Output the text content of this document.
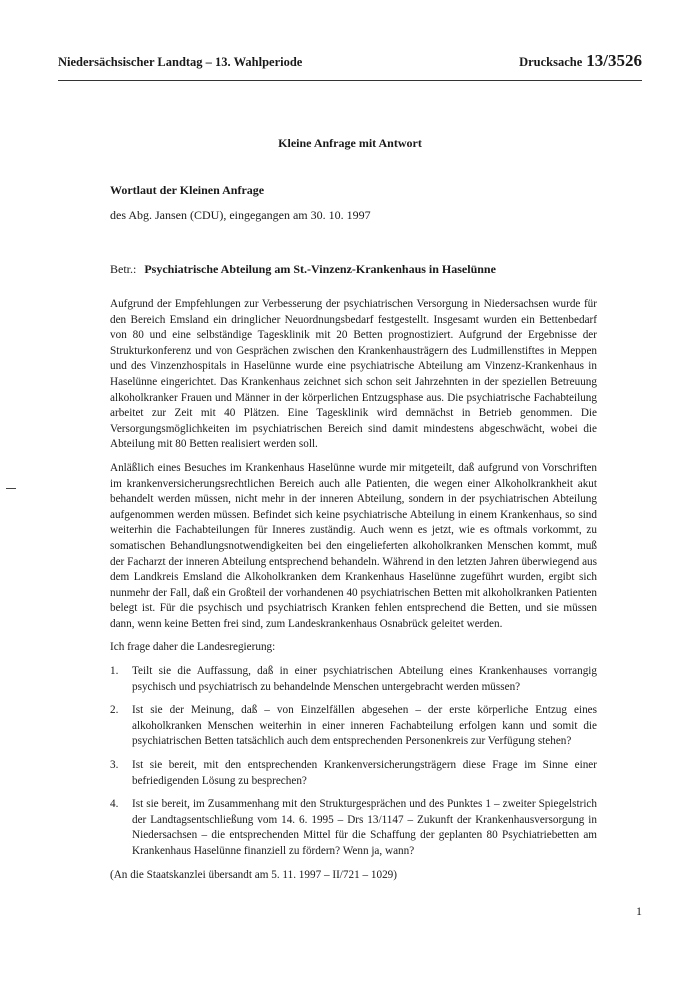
Niedersächsischer Landtag – 13. Wahlperiode	Drucksache 13/3526
Kleine Anfrage mit Antwort
Wortlaut der Kleinen Anfrage
des Abg. Jansen (CDU), eingegangen am 30. 10. 1997
Betr.: Psychiatrische Abteilung am St.-Vinzenz-Krankenhaus in Haselünne

Aufgrund der Empfehlungen zur Verbesserung der psychiatrischen Versorgung in Niedersachsen wurde für den Bereich Emsland ein dringlicher Neuordnungsbedarf festgestellt. Insgesamt wurden ein Bettenbedarf von 80 und eine selbständige Tagesklinik mit 20 Betten prognostiziert. Aufgrund der Ergebnisse der Strukturkonferenz und von Gesprächen zwischen den Krankenhausträgern des Ludmillenstiftes in Meppen und des Vinzenzhospitals in Haselünne wurde eine psychiatrische Abteilung am Vinzenz-Krankenhaus in Haselünne eingerichtet. Das Krankenhaus zeichnet sich schon seit Jahrzehnten in der speziellen Betreuung alkoholkranker Frauen und Männer in der körperlichen Entzugsphase aus. Die psychiatrische Fachabteilung arbeitet zur Zeit mit 40 Plätzen. Eine Tagesklinik wird demnächst in Betrieb genommen. Die Versorgungsmöglichkeiten im psychiatrischen Bereich sind damit mindestens abgeschwächt, wobei die Abteilung mit 80 Betten realisiert werden soll.

Anläßlich eines Besuches im Krankenhaus Haselünne wurde mir mitgeteilt, daß aufgrund von Vorschriften im krankenversicherungsrechtlichen Bereich auch alle Patienten, die wegen einer Alkoholkrankheit akut behandelt werden müssen, nicht mehr in der inneren Abteilung, sondern in der psychiatrischen Abteilung aufgenommen werden müssen. Befindet sich keine psychiatrische Abteilung in einem Krankenhaus, so sind weiterhin die Fachabteilungen für Inneres zuständig. Auch wenn es jetzt, wie es oftmals vorkommt, zu somatischen Behandlungsnotwendigkeiten bei den eingelieferten alkoholkranken Menschen kommt, muß der Facharzt der inneren Abteilung entsprechend behandeln. Während in den letzten Jahren überwiegend aus dem Landkreis Emsland die Alkoholkranken dem Krankenhaus Haselünne zugeführt wurden, ergibt sich nunmehr der Fall, daß ein Großteil der vorhandenen 40 psychiatrischen Betten mit alkoholkranken Patienten belegt ist. Für die psychisch und psychiatrisch Kranken fehlen entsprechend die Betten, und sie müssen dann, wenn keine Betten frei sind, zum Landeskrankenhaus Osnabrück geleitet werden.

Ich frage daher die Landesregierung:

1.	Teilt sie die Auffassung, daß in einer psychiatrischen Abteilung eines Krankenhauses vorrangig psychisch und psychiatrisch zu behandelnde Menschen untergebracht werden müssen?
2.	Ist sie der Meinung, daß – von Einzelfällen abgesehen – der erste körperliche Entzug eines alkoholkranken Menschen weiterhin in einer inneren Fachabteilung erfolgen kann und somit die psychiatrischen Betten tatsächlich auch dem entsprechenden Personenkreis zur Verfügung stehen?
3.	Ist sie bereit, mit den entsprechenden Krankenversicherungsträgern diese Frage im Sinne einer befriedigenden Lösung zu besprechen?
4.	Ist sie bereit, im Zusammenhang mit den Strukturgesprächen und des Punktes 1 – zweiter Spiegelstrich der Landtagsentschließung vom 14. 6. 1995 – Drs 13/1147 – Zukunft der Krankenhausversorgung in Niedersachsen – die entsprechenden Mittel für die Schaffung der geplanten 80 Psychiatriebetten am Krankenhaus Haselünne finanziell zu fördern? Wenn ja, wann?

(An die Staatskanzlei übersandt am 5. 11. 1997 – II/721 – 1029)

1
